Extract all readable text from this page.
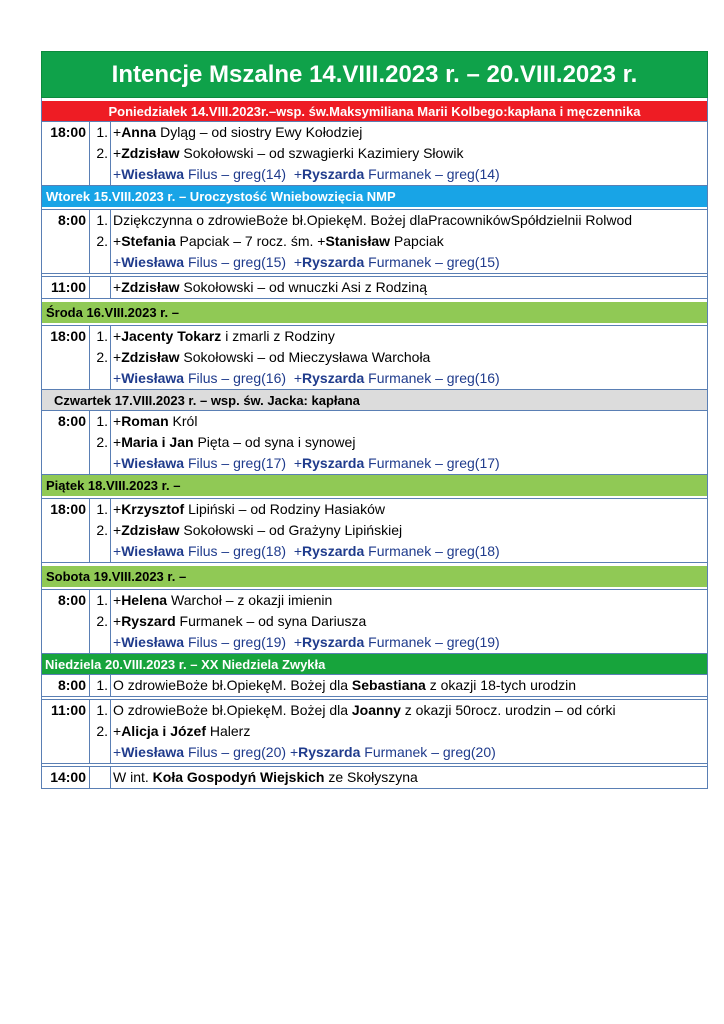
Intencje Mszalne 14.VIII.2023 r. – 20.VIII.2023 r.
Poniedziałek 14.VIII.2023r.–wsp. św.Maksymiliana Marii Kolbego:kapłana i męczennika
18:00 1.
2.
+Anna Dyląg – od siostry Ewy Kołodziej
+Zdzisław Sokołowski – od szwagierki Kazimiery Słowik
+Wiesława Filus – greg(14) +Ryszarda Furmanek – greg(14)
Wtorek 15.VIII.2023 r. – Uroczystość Wniebowzięcia NMP
8:00 1.
2.
Dziękczynna o zdrowieBoże bł.OpiekęM. Bożej dlaPracownikówSpółdzielnii Rolwod
+Stefania Papciak – 7 rocz. śm. +Stanisław Papciak
+Wiesława Filus – greg(15) +Ryszarda Furmanek – greg(15)
11:00 +Zdzisław Sokołowski – od wnuczki Asi z Rodziną
Środa 16.VIII.2023 r. –
18:00 1.
2.
+Jacenty Tokarz i zmarli z Rodziny
+Zdzisław Sokołowski – od Mieczysława Warchoła
+Wiesława Filus – greg(16) +Ryszarda Furmanek – greg(16)
Czwartek 17.VIII.2023 r. – wsp. św. Jacka: kapłana
8:00 1.
2.
+Roman Król
+Maria i Jan Pięta – od syna i synowej
+Wiesława Filus – greg(17) +Ryszarda Furmanek – greg(17)
Piątek 18.VIII.2023 r. –
18:00 1.
2.
+Krzysztof Lipiński – od Rodziny Hasiaków
+Zdzisław Sokołowski – od Grażyny Lipińskiej
+Wiesława Filus – greg(18) +Ryszarda Furmanek – greg(18)
Sobota 19.VIII.2023 r. –
8:00 1.
2.
+Helena Warchoł – z okazji imienin
+Ryszard Furmanek – od syna Dariusza
+Wiesława Filus – greg(19) +Ryszarda Furmanek – greg(19)
Niedziela 20.VIII.2023 r. – XX Niedziela Zwykła
8:00 1. O zdrowieBoże bł.OpiekęM. Bożej dla Sebastiana z okazji 18-tych urodzin
11:00 1.
2.
O zdrowieBoże bł.OpiekęM. Bożej dla Joanny z okazji 50rocz. urodzin – od córki
+Alicja i Józef Halerz
+Wiesława Filus – greg(20) +Ryszarda Furmanek – greg(20)
14:00 W int. Koła Gospodyń Wiejskich ze Skołyszyna
